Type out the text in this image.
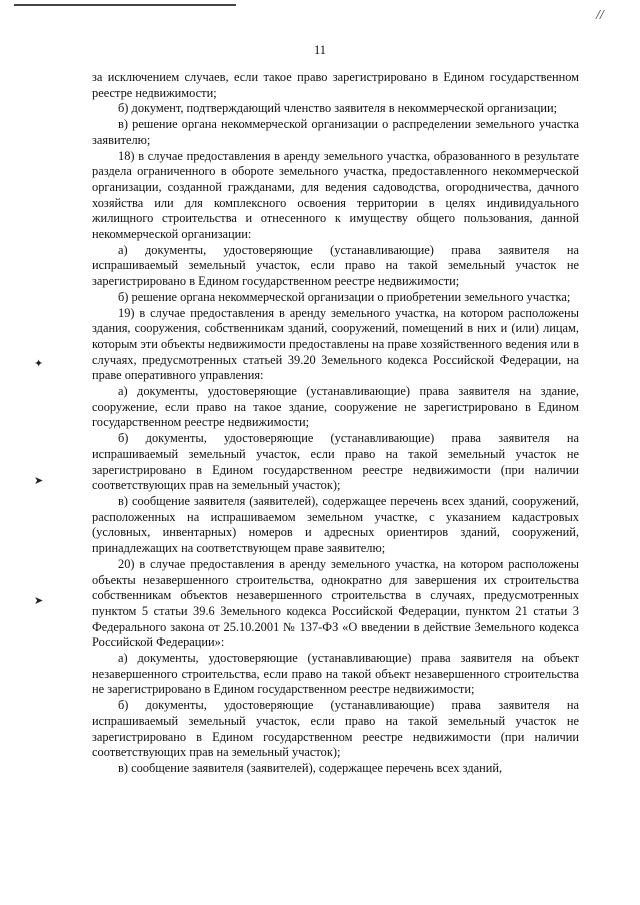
//
11
✦
➤
➤

за исключением случаев, если такое право зарегистрировано в Едином государственном реестре недвижимости;

б) документ, подтверждающий членство заявителя в некоммерческой организации;

в) решение органа некоммерческой организации о распределении земельного участка заявителю;

18) в случае предоставления в аренду земельного участка, образованного в результате раздела ограниченного в обороте земельного участка, предоставленного некоммерческой организации, созданной гражданами, для ведения садоводства, огородничества, дачного хозяйства или для комплексного освоения территории в целях индивидуального жилищного строительства и отнесенного к имуществу общего пользования, данной некоммерческой организации:

а) документы, удостоверяющие (устанавливающие) права заявителя на испрашиваемый земельный участок, если право на такой земельный участок не зарегистрировано в Едином государственном реестре недвижимости;

б) решение органа некоммерческой организации о приобретении земельного участка;

19) в случае предоставления в аренду земельного участка, на котором расположены здания, сооружения, собственникам зданий, сооружений, помещений в них и (или) лицам, которым эти объекты недвижимости предоставлены на праве хозяйственного ведения или в случаях, предусмотренных статьей 39.20 Земельного кодекса Российской Федерации, на праве оперативного управления:

а) документы, удостоверяющие (устанавливающие) права заявителя на здание, сооружение, если право на такое здание, сооружение не зарегистрировано в Едином государственном реестре недвижимости;

б) документы, удостоверяющие (устанавливающие) права заявителя на испрашиваемый земельный участок, если право на такой земельный участок не зарегистрировано в Едином государственном реестре недвижимости (при наличии соответствующих прав на земельный участок);

в) сообщение заявителя (заявителей), содержащее перечень всех зданий, сооружений, расположенных на испрашиваемом земельном участке, с указанием кадастровых (условных, инвентарных) номеров и адресных ориентиров зданий, сооружений, принадлежащих на соответствующем праве заявителю;

20) в случае предоставления в аренду земельного участка, на котором расположены объекты незавершенного строительства, однократно для завершения их строительства собственникам объектов незавершенного строительства в случаях, предусмотренных пунктом 5 статьи 39.6 Земельного кодекса Российской Федерации, пунктом 21 статьи 3 Федерального закона от 25.10.2001 № 137-ФЗ «О введении в действие Земельного кодекса Российской Федерации»:

а) документы, удостоверяющие (устанавливающие) права заявителя на объект незавершенного строительства, если право на такой объект незавершенного строительства не зарегистрировано в Едином государственном реестре недвижимости;

б) документы, удостоверяющие (устанавливающие) права заявителя на испрашиваемый земельный участок, если право на такой земельный участок не зарегистрировано в Едином государственном реестре недвижимости (при наличии соответствующих прав на земельный участок);

в) сообщение заявителя (заявителей), содержащее перечень всех зданий,
